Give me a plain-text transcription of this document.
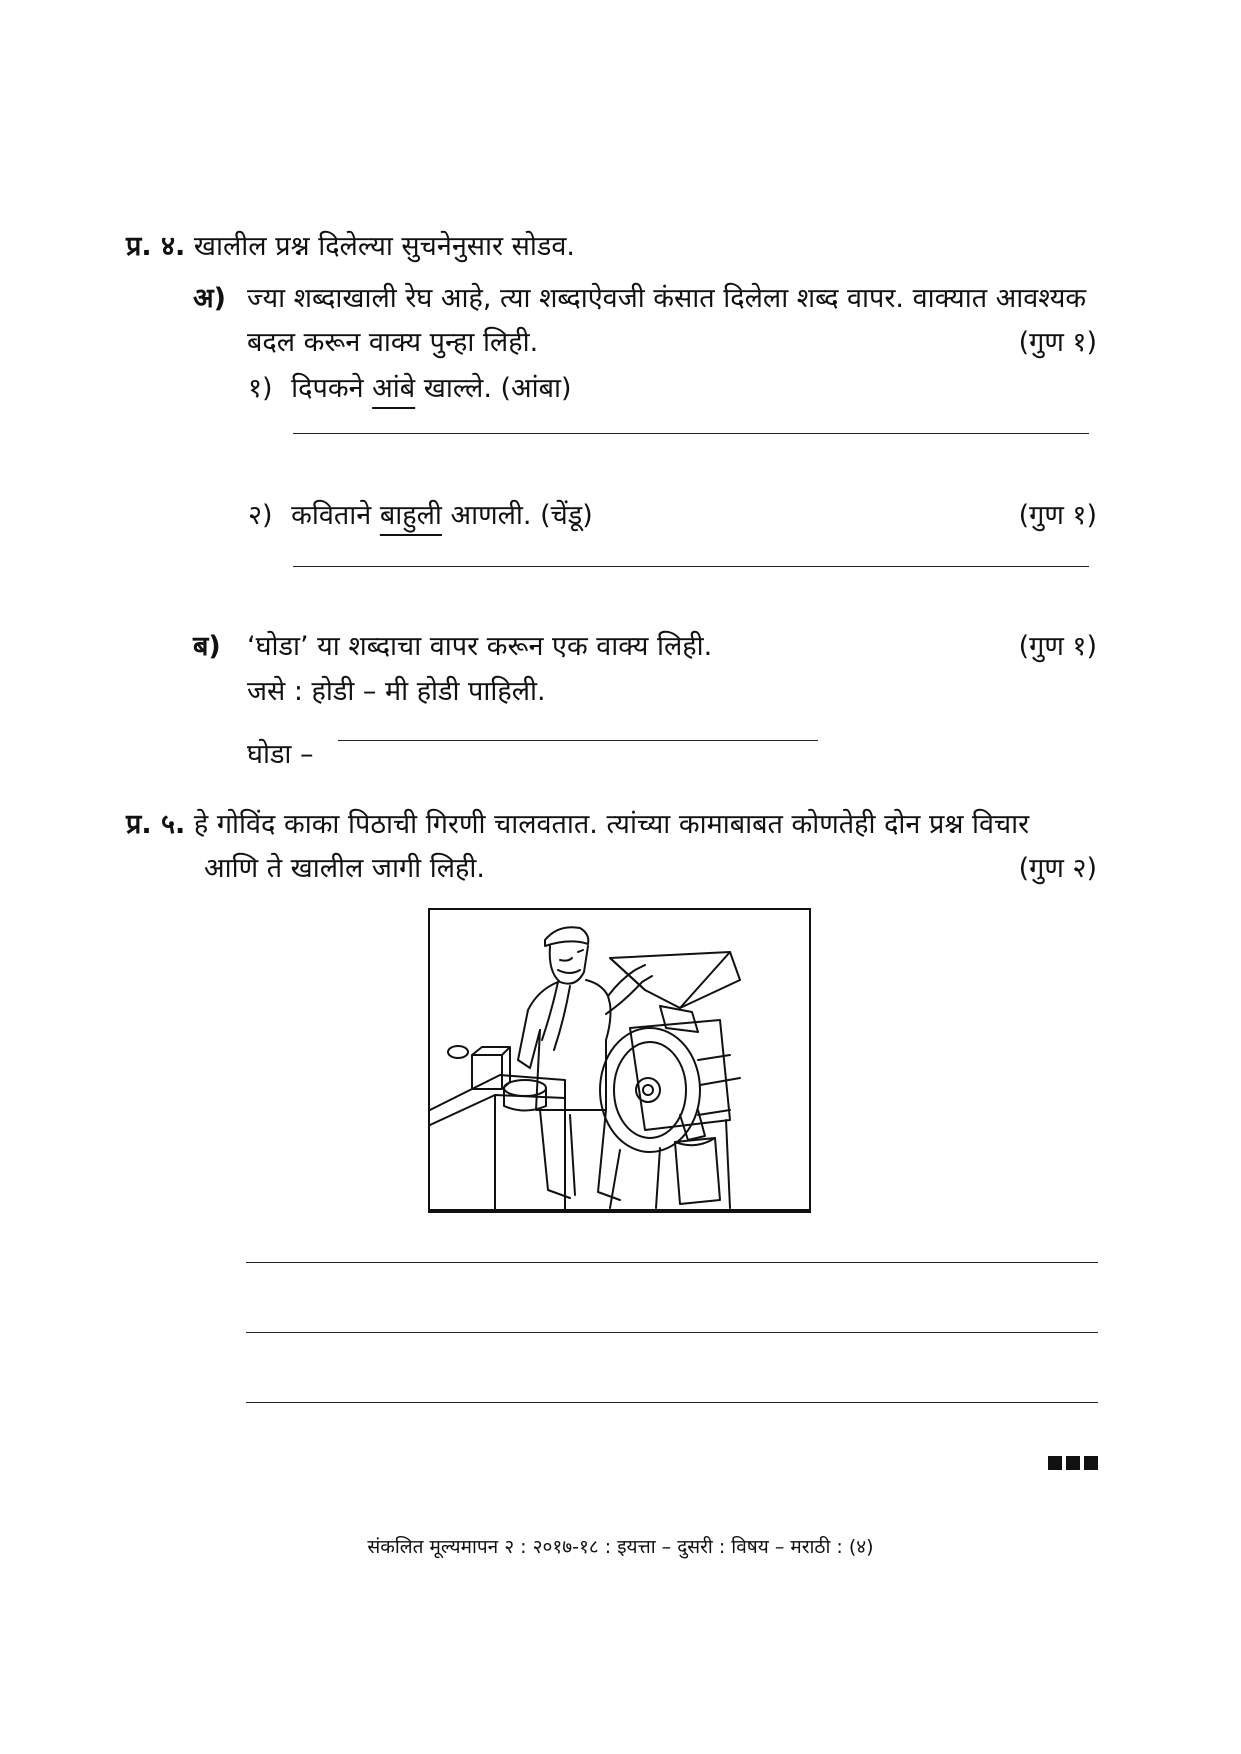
प्र. ४. खालील प्रश्न दिलेल्या सुचनेनुसार सोडव.
अ) ज्या शब्दाखाली रेघ आहे, त्या शब्दाऐवजी कंसात दिलेला शब्द वापर. वाक्यात आवश्यक
बदल करून वाक्य पुन्हा लिही.	(गुण १)
१) दिपकने आंबे खाल्ले. (आंबा)
२) कविताने बाहुली आणली. (चेंडू)	(गुण १)
ब) ‘घोडा’ या शब्दाचा वापर करून एक वाक्य लिही.	(गुण १)
जसे : होडी – मी होडी पाहिली.
घोडा –
प्र. ५. हे गोविंद काका पिठाची गिरणी चालवतात. त्यांच्या कामाबाबत कोणतेही दोन प्रश्न विचार
आणि ते खालील जागी लिही.	(गुण २)
संकलित मूल्यमापन २ : २०१७-१८ : इयत्ता – दुसरी : विषय – मराठी : (४)
